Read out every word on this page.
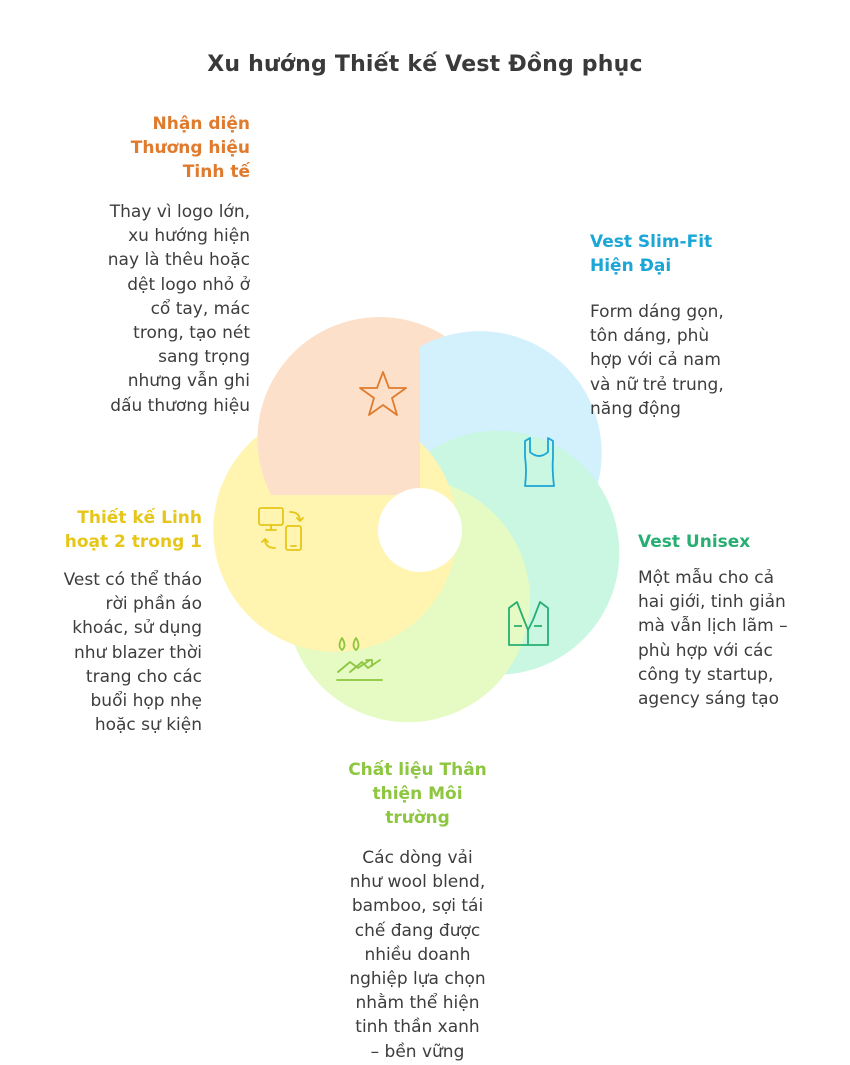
Xu hướng Thiết kế Vest Đồng phục
Nhận diện
Thương hiệu
Tinh tế
Thay vì logo lớn,
xu hướng hiện
nay là thêu hoặc
dệt logo nhỏ ở
cổ tay, mác
trong, tạo nét
sang trọng
nhưng vẫn ghi
dấu thương hiệu
Vest Slim-Fit
Hiện Đại
Form dáng gọn,
tôn dáng, phù
hợp với cả nam
và nữ trẻ trung,
năng động
Vest Unisex
Một mẫu cho cả
hai giới, tinh giản
mà vẫn lịch lãm –
phù hợp với các
công ty startup,
agency sáng tạo
Chất liệu Thân
thiện Môi
trường
Các dòng vải
như wool blend,
bamboo, sợi tái
chế đang được
nhiều doanh
nghiệp lựa chọn
nhằm thể hiện
tinh thần xanh
– bền vững
Thiết kế Linh
hoạt 2 trong 1
Vest có thể tháo
rời phần áo
khoác, sử dụng
như blazer thời
trang cho các
buổi họp nhẹ
hoặc sự kiện
